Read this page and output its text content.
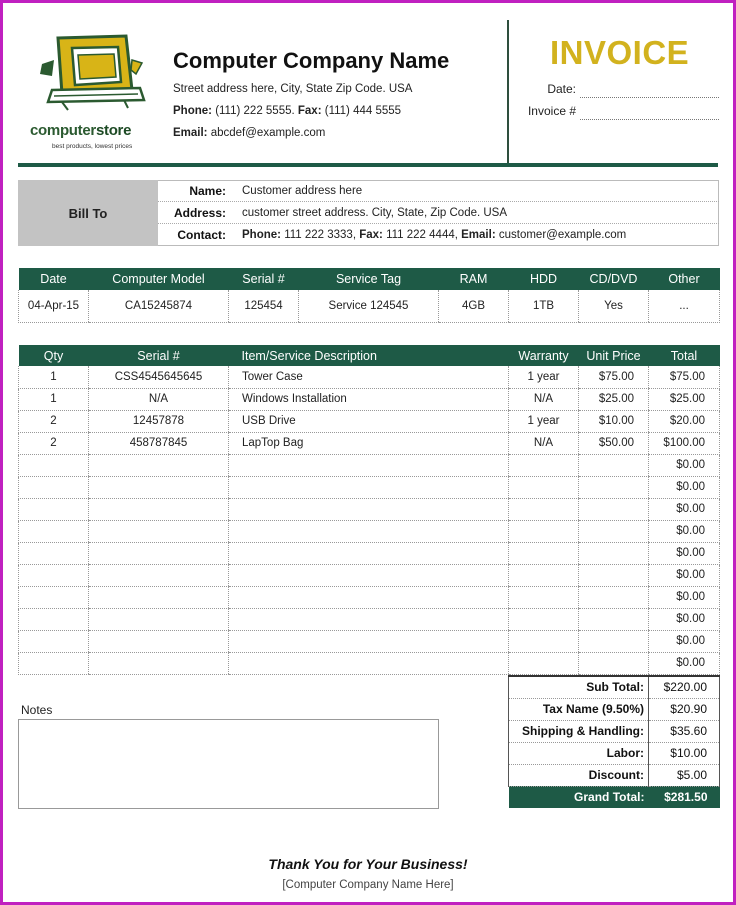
computerstore
best products, lowest prices
Computer Company Name
Street address here, City, State Zip Code. USA
Phone: (111) 222 5555. Fax: (111) 444 5555
Email: abcdef@example.com
INVOICE
Date:
Invoice #
Bill To
Name: Customer address here
Address: customer street address. City, State, Zip Code. USA
Contact: Phone: 111 222 3333, Fax: 111 222 4444, Email: customer@example.com
Date	Computer Model	Serial #	Service Tag	RAM	HDD	CD/DVD	Other
04-Apr-15	CA15245874	125454	Service 124545	4GB	1TB	Yes	...
Qty	Serial #	Item/Service Description	Warranty	Unit Price	Total
1	CSS4545645645	Tower Case	1 year	$75.00	$75.00
1	N/A	Windows Installation	N/A	$25.00	$25.00
2	12457878	USB Drive	1 year	$10.00	$20.00
2	458787845	LapTop Bag	N/A	$50.00	$100.00
					$0.00
					$0.00
					$0.00
					$0.00
					$0.00
					$0.00
					$0.00
					$0.00
					$0.00
					$0.00
Sub Total:	$220.00
Tax Name (9.50%)	$20.90
Shipping & Handling:	$35.60
Labor:	$10.00
Discount:	$5.00
Grand Total:	$281.50
Notes
Thank You for Your Business!
[Computer Company Name Here]
